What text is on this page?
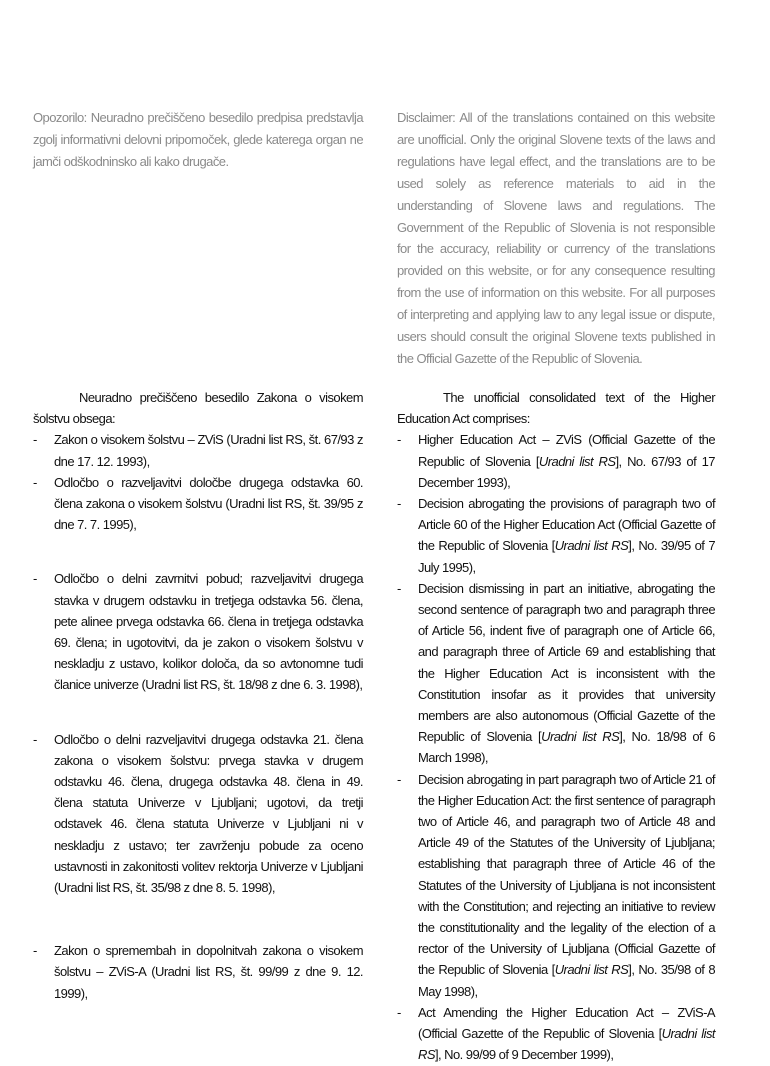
Opozorilo: Neuradno prečiščeno besedilo predpisa predstavlja zgolj informativni delovni pripomoček, glede katerega organ ne jamči odškodninsko ali kako drugače.
Disclaimer: All of the translations contained on this website are unofficial. Only the original Slovene texts of the laws and regulations have legal effect, and the translations are to be used solely as reference materials to aid in the understanding of Slovene laws and regulations. The Government of the Republic of Slovenia is not responsible for the accuracy, reliability or currency of the translations provided on this website, or for any consequence resulting from the use of information on this website. For all purposes of interpreting and applying law to any legal issue or dispute, users should consult the original Slovene texts published in the Official Gazette of the Republic of Slovenia.

Neuradno prečiščeno besedilo Zakona o visokem šolstvu obsega:

- Zakon o visokem šolstvu – ZViS (Uradni list RS, št. 67/93 z dne 17. 12. 1993),
- Odločbo o razveljavitvi določbe drugega odstavka 60. člena zakona o visokem šolstvu (Uradni list RS, št. 39/95 z dne 7. 7. 1995),
- Odločbo o delni zavrnitvi pobud; razveljavitvi drugega stavka v drugem odstavku in tretjega odstavka 56. člena, pete alinee prvega odstavka 66. člena in tretjega odstavka 69. člena; in ugotovitvi, da je zakon o visokem šolstvu v neskladju z ustavo, kolikor določa, da so avtonomne tudi članice univerze (Uradni list RS, št. 18/98 z dne 6. 3. 1998),
- Odločbo o delni razveljavitvi drugega odstavka 21. člena zakona o visokem šolstvu: prvega stavka v drugem odstavku 46. člena, drugega odstavka 48. člena in 49. člena statuta Univerze v Ljubljani; ugotovi, da tretji odstavek 46. člena statuta Univerze v Ljubljani ni v neskladju z ustavo; ter zavrženju pobude za oceno ustavnosti in zakonitosti volitev rektorja Univerze v Ljubljani (Uradni list RS, št. 35/98 z dne 8. 5. 1998),
- Zakon o spremembah in dopolnitvah zakona o visokem šolstvu – ZViS-A (Uradni list RS, št. 99/99 z dne 9. 12. 1999),

The unofficial consolidated text of the Higher Education Act comprises:

- Higher Education Act – ZViS (Official Gazette of the Republic of Slovenia [Uradni list RS], No. 67/93 of 17 December 1993),
- Decision abrogating the provisions of paragraph two of Article 60 of the Higher Education Act (Official Gazette of the Republic of Slovenia [Uradni list RS], No. 39/95 of 7 July 1995),
- Decision dismissing in part an initiative, abrogating the second sentence of paragraph two and paragraph three of Article 56, indent five of paragraph one of Article 66, and paragraph three of Article 69 and establishing that the Higher Education Act is inconsistent with the Constitution insofar as it provides that university members are also autonomous (Official Gazette of the Republic of Slovenia [Uradni list RS], No. 18/98 of 6 March 1998),
- Decision abrogating in part paragraph two of Article 21 of the Higher Education Act: the first sentence of paragraph two of Article 46, and paragraph two of Article 48 and Article 49 of the Statutes of the University of Ljubljana; establishing that paragraph three of Article 46 of the Statutes of the University of Ljubljana is not inconsistent with the Constitution; and rejecting an initiative to review the constitutionality and the legality of the election of a rector of the University of Ljubljana (Official Gazette of the Republic of Slovenia [Uradni list RS], No. 35/98 of 8 May 1998),
- Act Amending the Higher Education Act – ZViS-A (Official Gazette of the Republic of Slovenia [Uradni list RS], No. 99/99 of 9 December 1999),
